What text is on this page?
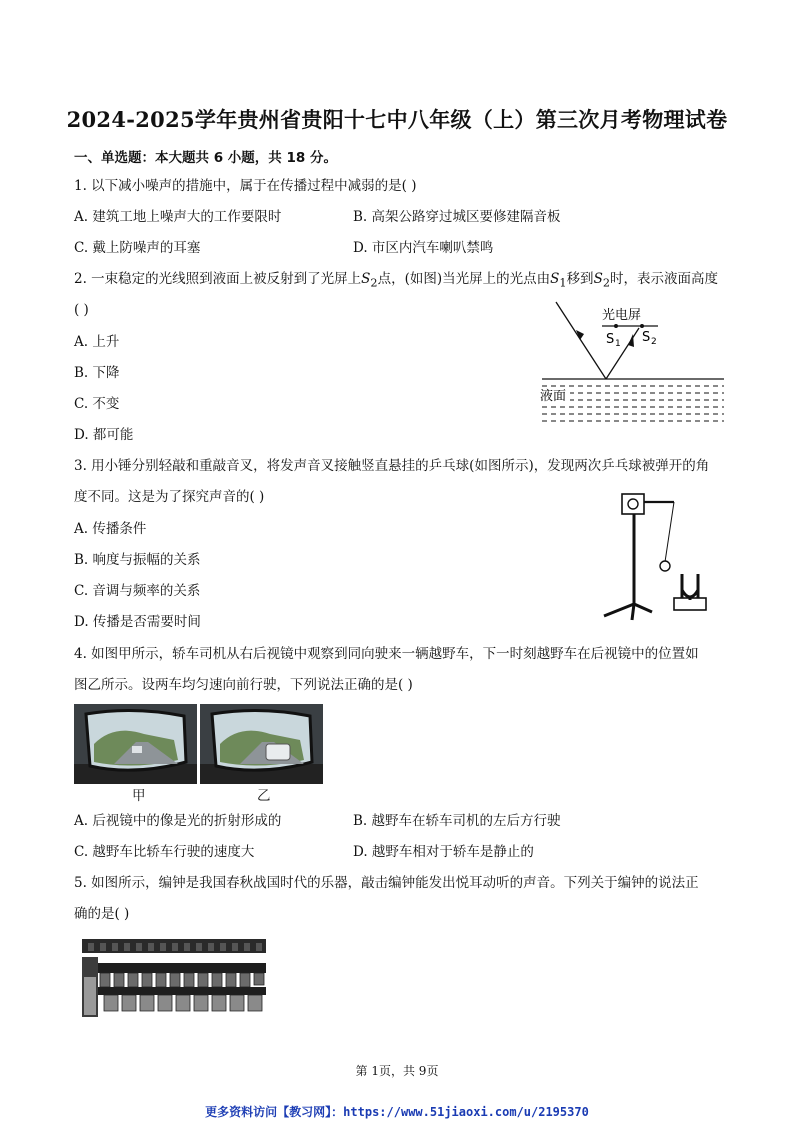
2024-2025学年贵州省贵阳十七中八年级（上）第三次月考物理试卷
一、单选题：本大题共 6 小题，共 18 分。
1. 以下减小噪声的措施中，属于在传播过程中减弱的是( )
A. 建筑工地上噪声大的工作要限时	B. 高架公路穿过城区要修建隔音板
C. 戴上防噪声的耳塞	D. 市区内汽车喇叭禁鸣
2. 一束稳定的光线照到液面上被反射到了光屏上$S_2$点，(如图)当光屏上的光点由$S_1$移到$S_2$时，表示液面高度
( )
A. 上升
B. 下降
C. 不变
D. 都可能
液面
光电屏
S 1 S 2
3. 用小锤分别轻敲和重敲音叉，将发声音叉接触竖直悬挂的乒乓球(如图所示)，发现两次乒乓球被弹开的角
度不同。这是为了探究声音的( )
A. 传播条件
B. 响度与振幅的关系
C. 音调与频率的关系
D. 传播是否需要时间
4. 如图甲所示，轿车司机从右后视镜中观察到同向驶来一辆越野车，下一时刻越野车在后视镜中的位置如
图乙所示。设两车均匀速向前行驶，下列说法正确的是( )
甲	乙
A. 后视镜中的像是光的折射形成的	B. 越野车在轿车司机的左后方行驶
C. 越野车比轿车行驶的速度大	D. 越野车相对于轿车是静止的
5. 如图所示，编钟是我国春秋战国时代的乐器，敲击编钟能发出悦耳动听的声音。下列关于编钟的说法正
确的是( )
第 1页，共 9页
更多资料访问【教习网】：https://www.51jiaoxi.com/u/2195370
